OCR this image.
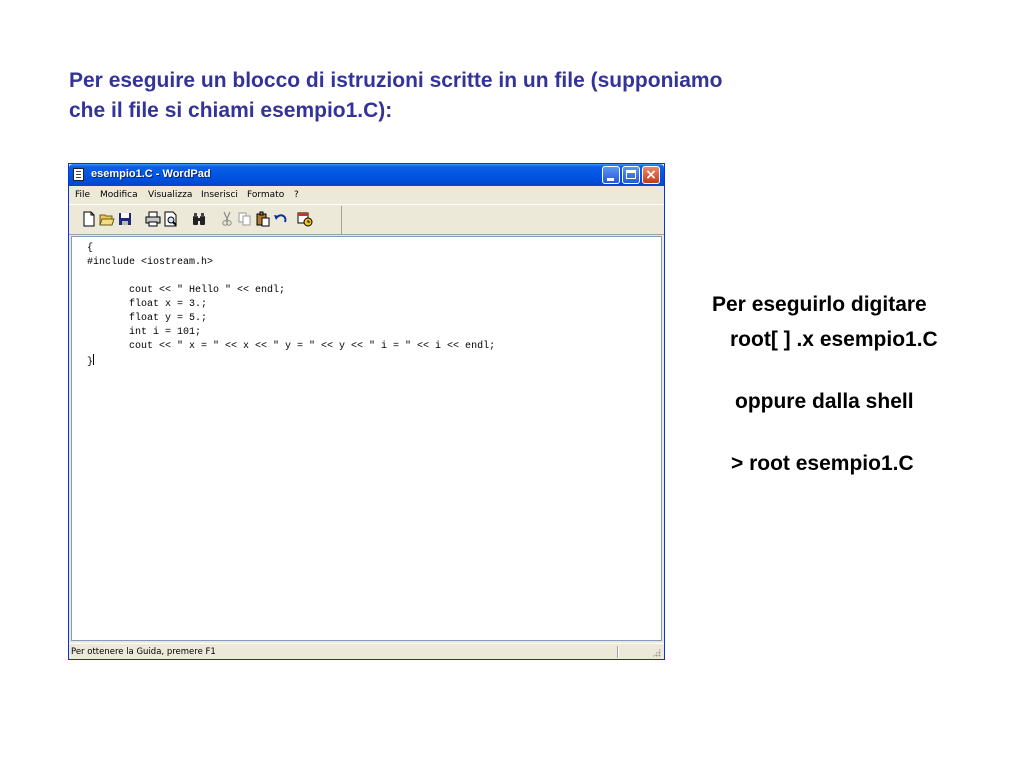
Per eseguire un blocco di istruzioni scritte in un file (supponiamo
che il file si chiami esempio1.C):
esempio1.C - WordPad	×
File Modifica Visualizza Inserisci Formato ?
{
#include <iostream.h>

cout << " Hello " << endl;
float x = 3.;
float y = 5.;
int i = 101;
cout << " x = " << x << " y = " << y << " i = " << i << endl;
}
Per ottenere la Guida, premere F1
Per eseguirlo digitare
root[ ] .x esempio1.C
oppure dalla shell
> root esempio1.C
